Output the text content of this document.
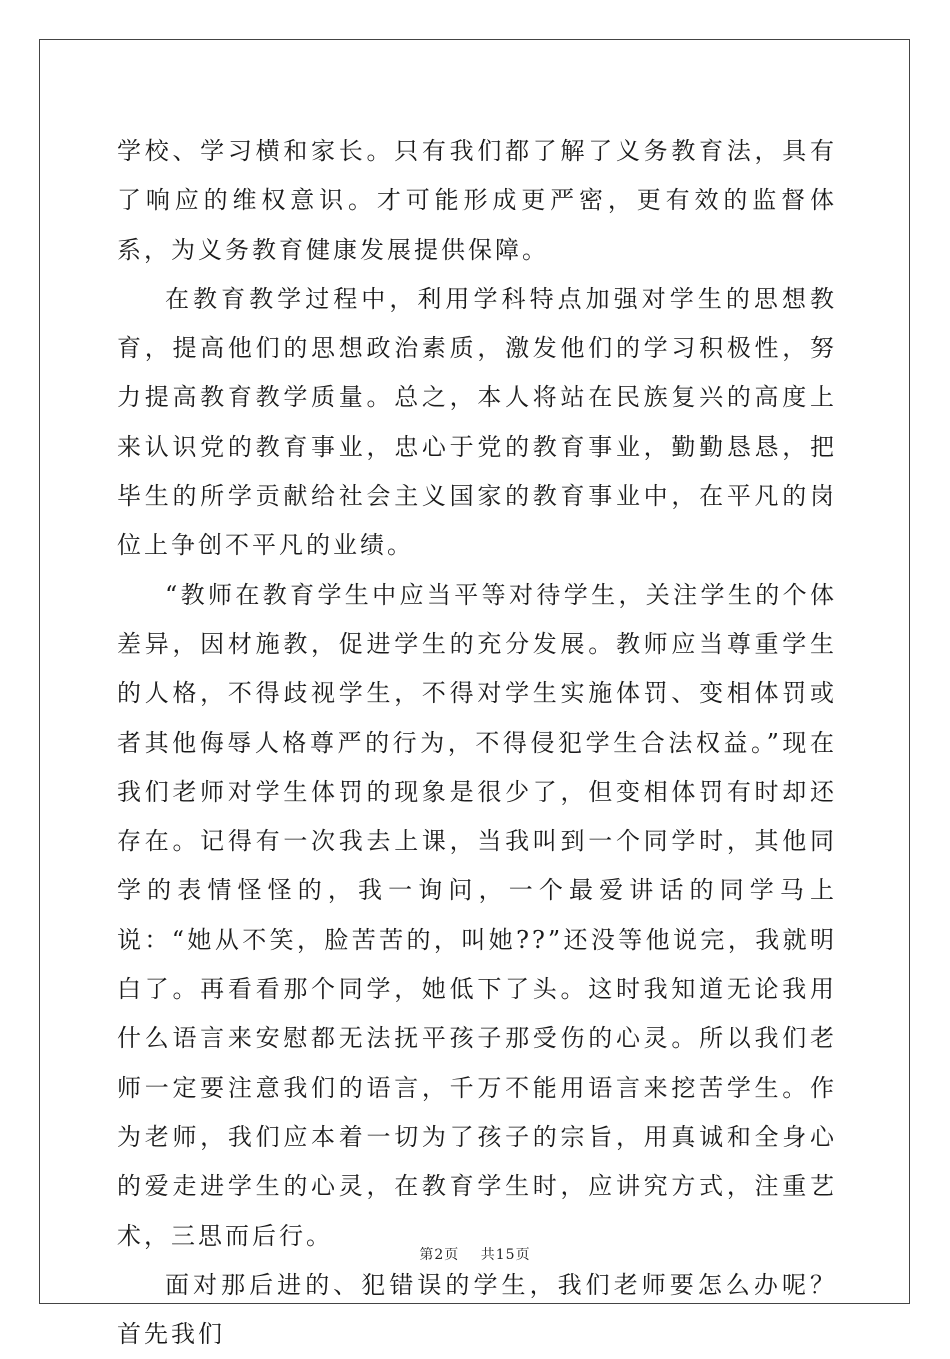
学校、学习横和家长。只有我们都了解了义务教育法，具有了响应的维权意识。才可能形成更严密，更有效的监督体系，为义务教育健康发展提供保障。

在教育教学过程中，利用学科特点加强对学生的思想教育，提高他们的思想政治素质，激发他们的学习积极性，努力提高教育教学质量。总之，本人将站在民族复兴的高度上来认识党的教育事业，忠心于党的教育事业，勤勤恳恳，把毕生的所学贡献给社会主义国家的教育事业中，在平凡的岗位上争创不平凡的业绩。

“教师在教育学生中应当平等对待学生，关注学生的个体差异，因材施教，促进学生的充分发展。教师应当尊重学生的人格，不得歧视学生，不得对学生实施体罚、变相体罚或者其他侮辱人格尊严的行为，不得侵犯学生合法权益。”现在我们老师对学生体罚的现象是很少了，但变相体罚有时却还存在。记得有一次我去上课，当我叫到一个同学时，其他同学的表情怪怪的，我一询问，一个最爱讲话的同学马上说：“她从不笑，脸苦苦的，叫她??”还没等他说完，我就明白了。再看看那个同学，她低下了头。这时我知道无论我用什么语言来安慰都无法抚平孩子那受伤的心灵。所以我们老师一定要注意我们的语言，千万不能用语言来挖苦学生。作为老师，我们应本着一切为了孩子的宗旨，用真诚和全身心的爱走进学生的心灵，在教育学生时，应讲究方式，注重艺术，三思而后行。

面对那后进的、犯错误的学生，我们老师要怎么办呢？首先我们

第2页 共15页
